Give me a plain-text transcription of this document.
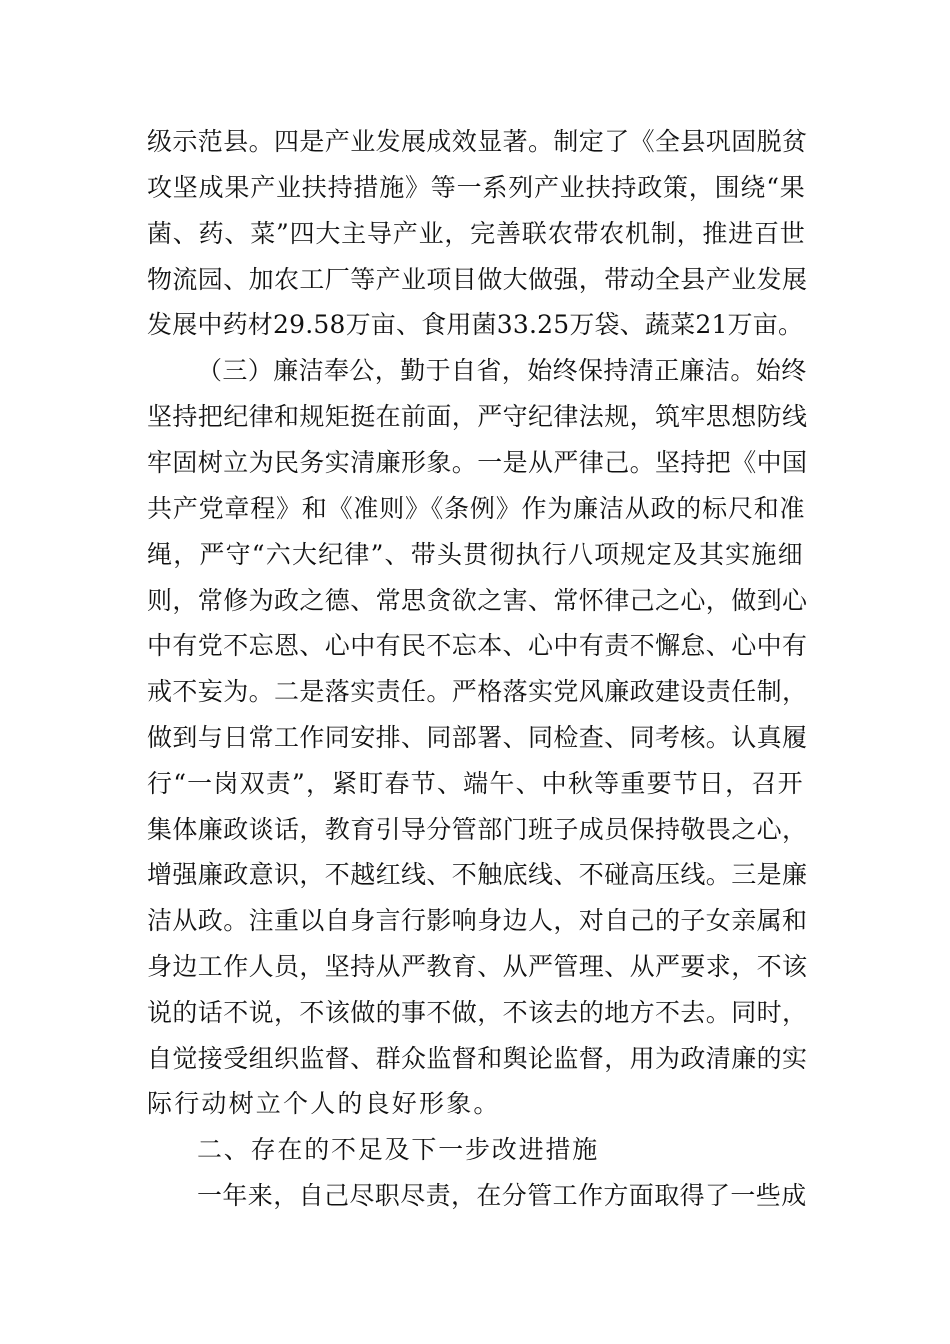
级示范县。四是产业发展成效显著。制定了《全县巩固脱贫
攻坚成果产业扶持措施》等一系列产业扶持政策，围绕“果
菌、药、菜”四大主导产业，完善联农带农机制，推进百世
物流园、加农工厂等产业项目做大做强，带动全县产业发展
发展中药材29.58万亩、食用菌33.25万袋、蔬菜21万亩。
（三）廉洁奉公，勤于自省，始终保持清正廉洁。始终
坚持把纪律和规矩挺在前面，严守纪律法规，筑牢思想防线
牢固树立为民务实清廉形象。一是从严律己。坚持把《中国
共产党章程》和《准则》《条例》作为廉洁从政的标尺和准
绳，严守“六大纪律”、带头贯彻执行八项规定及其实施细
则，常修为政之德、常思贪欲之害、常怀律己之心，做到心
中有党不忘恩、心中有民不忘本、心中有责不懈怠、心中有
戒不妄为。二是落实责任。严格落实党风廉政建设责任制，
做到与日常工作同安排、同部署、同检查、同考核。认真履
行“一岗双责”，紧盯春节、端午、中秋等重要节日，召开
集体廉政谈话，教育引导分管部门班子成员保持敬畏之心，
增强廉政意识，不越红线、不触底线、不碰高压线。三是廉
洁从政。注重以自身言行影响身边人，对自己的子女亲属和
身边工作人员，坚持从严教育、从严管理、从严要求，不该
说的话不说，不该做的事不做，不该去的地方不去。同时，
自觉接受组织监督、群众监督和舆论监督，用为政清廉的实
际行动树立个人的良好形象。
二、存在的不足及下一步改进措施
一年来，自己尽职尽责，在分管工作方面取得了一些成
